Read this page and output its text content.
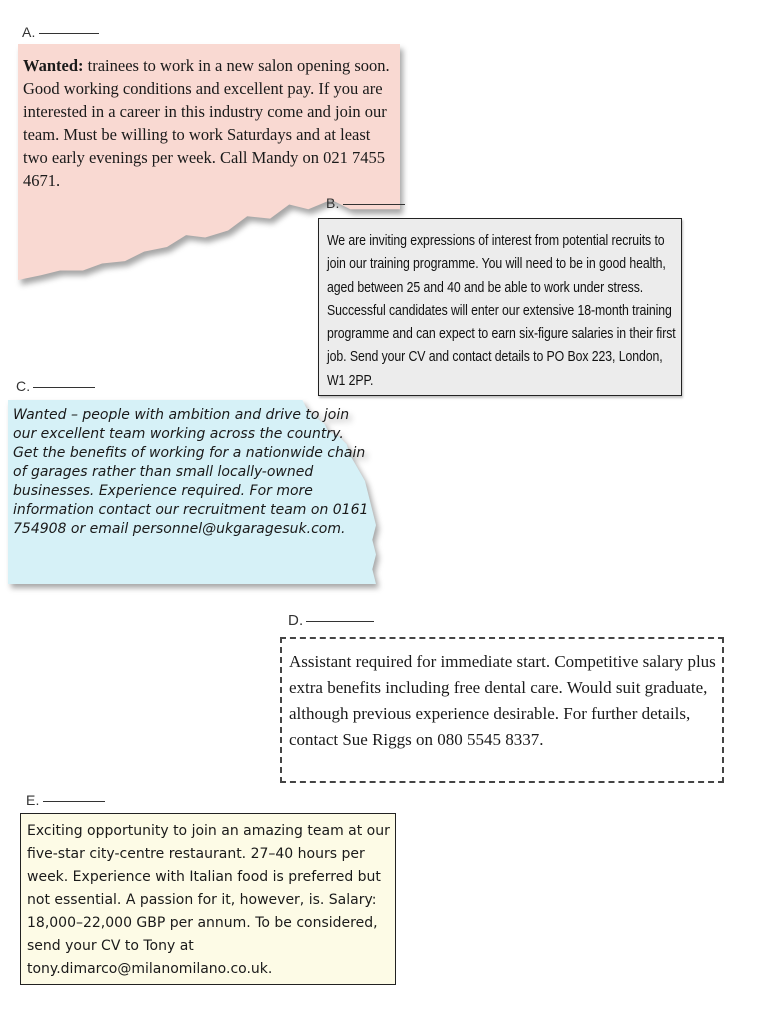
A.
Wanted: trainees to work in a new salon opening soon. Good working conditions and excellent pay. If you are interested in a career in this industry come and join our team. Must be willing to work Saturdays and at least two early evenings per week. Call Mandy on 021 7455 4671.
B.
We are inviting expressions of interest from potential recruits to join our training programme. You will need to be in good health, aged between 25 and 40 and be able to work under stress. Successful candidates will enter our extensive 18-month training programme and can expect to earn six-figure salaries in their first job. Send your CV and contact details to PO Box 223, London, W1 2PP.
C.
Wanted – people with ambition and drive to join our excellent team working across the country. Get the benefits of working for a nationwide chain of garages rather than small locally-owned businesses. Experience required. For more information contact our recruitment team on 0161 754908 or email personnel@ukgaragesuk.com.
D.
Assistant required for immediate start. Competitive salary plus extra benefits including free dental care. Would suit graduate, although previous experience desirable. For further details, contact Sue Riggs on 080 5545 8337.
E.
Exciting opportunity to join an amazing team at our five-star city-centre restaurant. 27–40 hours per week. Experience with Italian food is preferred but not essential. A passion for it, however, is. Salary: 18,000–22,000 GBP per annum. To be considered, send your CV to Tony at tony.dimarco@milanomilano.co.uk.
